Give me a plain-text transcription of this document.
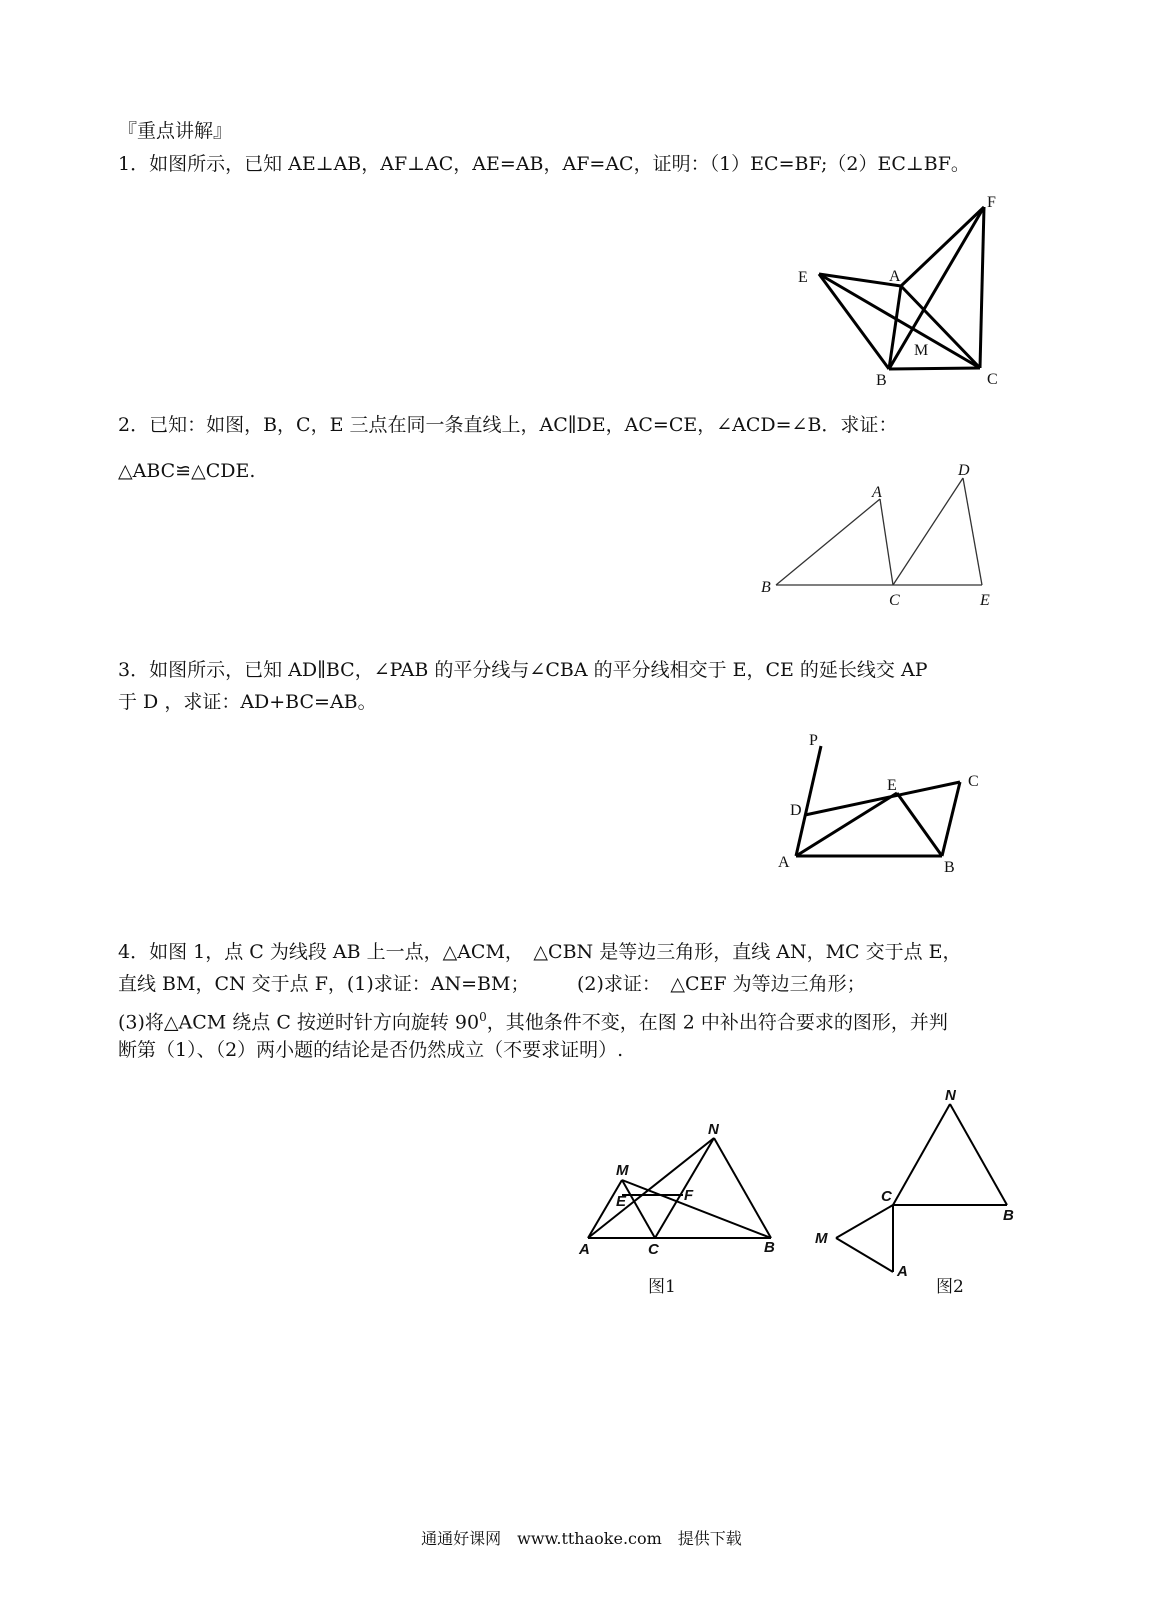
『重点讲解』
1．如图所示，已知 AE⊥AB，AF⊥AC，AE=AB，AF=AC，证明：（1）EC=BF;（2）EC⊥BF。
E	A
F
M
B	C
2．已知：如图，B，C，E 三点在同一条直线上，AC∥DE，AC=CE，∠ACD=∠B．求证：
△ABC≌△CDE.
A
D
B
C	E
3．如图所示，已知 AD∥BC，∠PAB 的平分线与∠CBA 的平分线相交于 E，CE 的延长线交 AP
于 D ，求证：AD+BC=AB。
P
E	C
D
A	B
4．如图 1，点 C 为线段 AB 上一点，△ACM，　△CBN 是等边三角形，直线 AN，MC 交于点 E，
直线 BM，CN 交于点 F，(1)求证：AN=BM；　　　(2)求证：　△CEF 为等边三角形；
(3)将△ACM 绕点 C 按逆时针方向旋转 $90^0$，其他条件不变，在图 2 中补出符合要求的图形，并判
断第（1）、（2）两小题的结论是否仍然成立（不要求证明）.
M
N
E	F
A	C	B
图1
N
C
B
M
A
图2
通通好课网　www.tthaoke.com　提供下载
